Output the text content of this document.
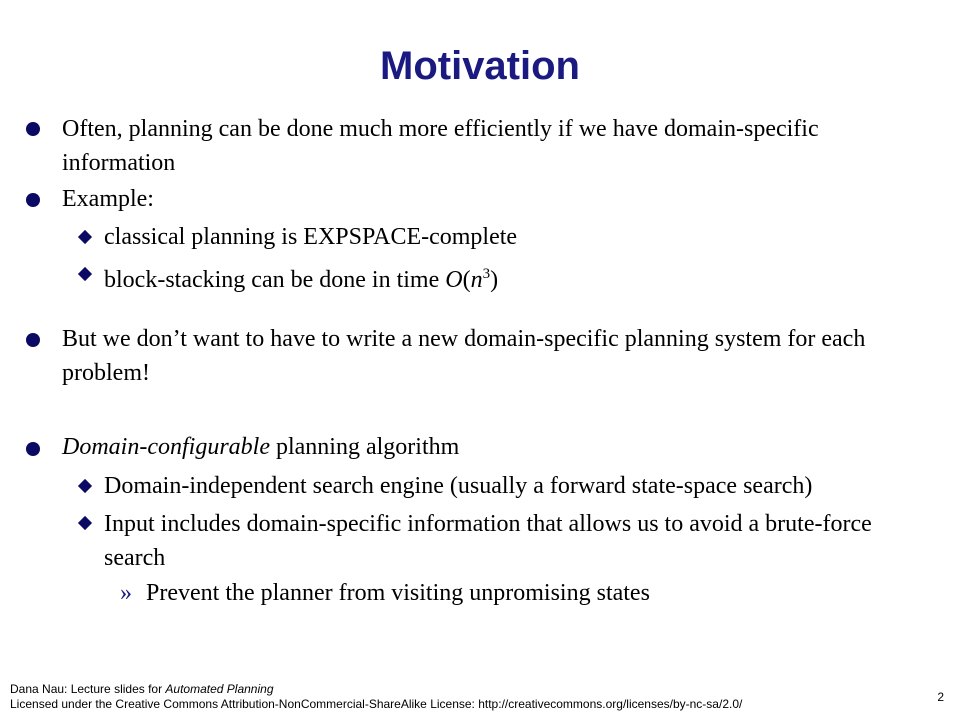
Motivation
Often, planning can be done much more efficiently if we have domain-specific information
Example:
classical planning is EXPSPACE-complete
block-stacking can be done in time $O(n^3)$
But we don’t want to have to write a new domain-specific planning system for each problem!
Domain-configurable planning algorithm
Domain-independent search engine (usually a forward state-space search)
Input includes domain-specific information that allows us to avoid a brute-force search
» Prevent the planner from visiting unpromising states
Dana Nau: Lecture slides for Automated Planning
Licensed under the Creative Commons Attribution-NonCommercial-ShareAlike License: http://creativecommons.org/licenses/by-nc-sa/2.0/	2
